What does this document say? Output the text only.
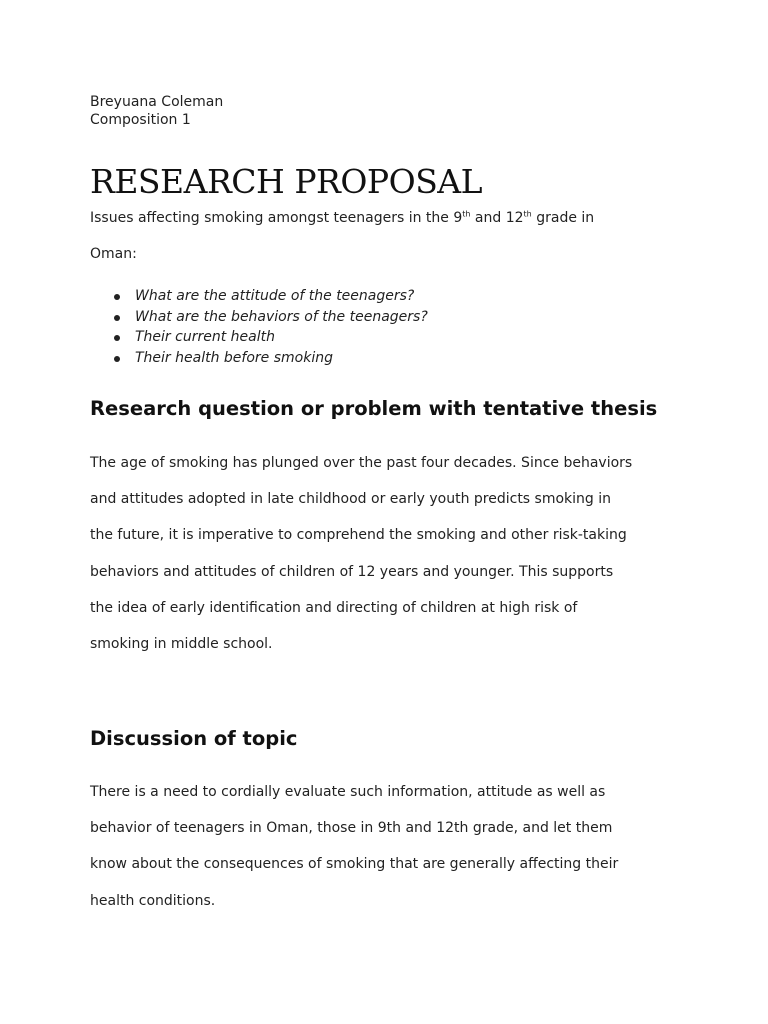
Breyuana Coleman
Composition 1
RESEARCH PROPOSAL
Issues affecting smoking amongst teenagers in the 9th and 12th grade in
Oman:
What are the attitude of the teenagers?
What are the behaviors of the teenagers?
Their current health
Their health before smoking
Research question or problem with tentative thesis

The age of smoking has plunged over the past four decades. Since behaviors
and attitudes adopted in late childhood or early youth predicts smoking in
the future, it is imperative to comprehend the smoking and other risk-taking
behaviors and attitudes of children of 12 years and younger. This supports
the idea of early identification and directing of children at high risk of
smoking in middle school.

Discussion of topic

There is a need to cordially evaluate such information, attitude as well as
behavior of teenagers in Oman, those in 9th and 12th grade, and let them
know about the consequences of smoking that are generally affecting their
health conditions.
